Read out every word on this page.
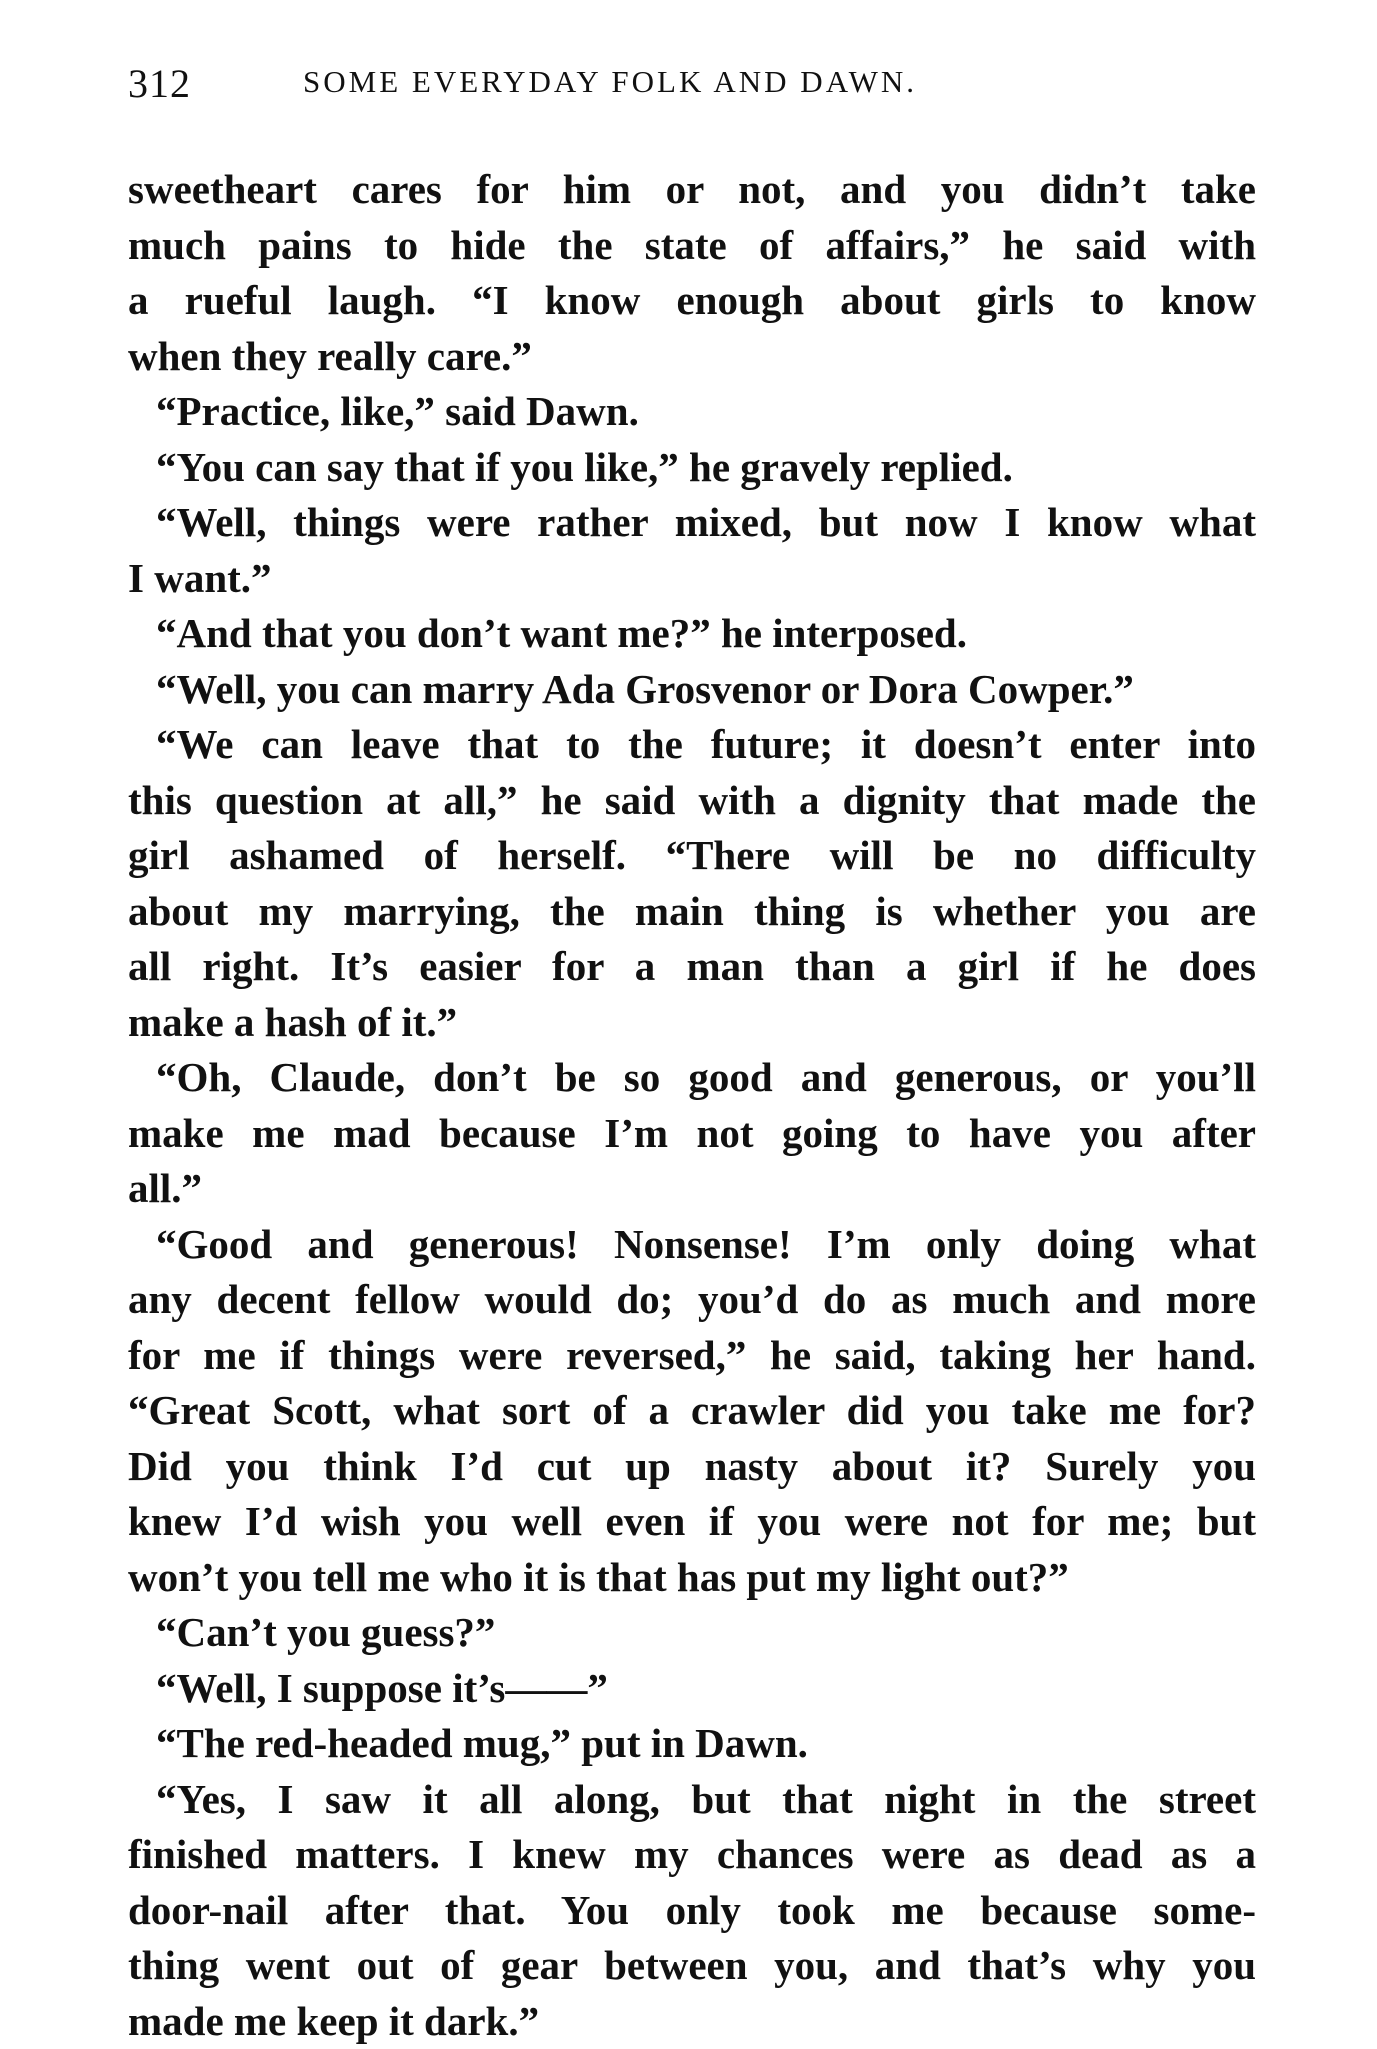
312	SOME EVERYDAY FOLK AND DAWN.
sweetheart cares for him or not, and you didn’t take
much pains to hide the state of affairs,” he said with
a rueful laugh. “I know enough about girls to know
when they really care.”
“Practice, like,” said Dawn.
“You can say that if you like,” he gravely replied.
“Well, things were rather mixed, but now I know what
I want.”
“And that you don’t want me?” he interposed.
“Well, you can marry Ada Grosvenor or Dora Cowper.”
“We can leave that to the future; it doesn’t enter into
this question at all,” he said with a dignity that made the
girl ashamed of herself. “There will be no difficulty
about my marrying, the main thing is whether you are
all right. It’s easier for a man than a girl if he does
make a hash of it.”
“Oh, Claude, don’t be so good and generous, or you’ll
make me mad because I’m not going to have you after
all.”
“Good and generous! Nonsense! I’m only doing what
any decent fellow would do; you’d do as much and more
for me if things were reversed,” he said, taking her hand.
“Great Scott, what sort of a crawler did you take me for?
Did you think I’d cut up nasty about it? Surely you
knew I’d wish you well even if you were not for me; but
won’t you tell me who it is that has put my light out?”
“Can’t you guess?”
“Well, I suppose it’s——”
“The red-headed mug,” put in Dawn.
“Yes, I saw it all along, but that night in the street
finished matters. I knew my chances were as dead as a
door-nail after that. You only took me because some-
thing went out of gear between you, and that’s why you
made me keep it dark.”
